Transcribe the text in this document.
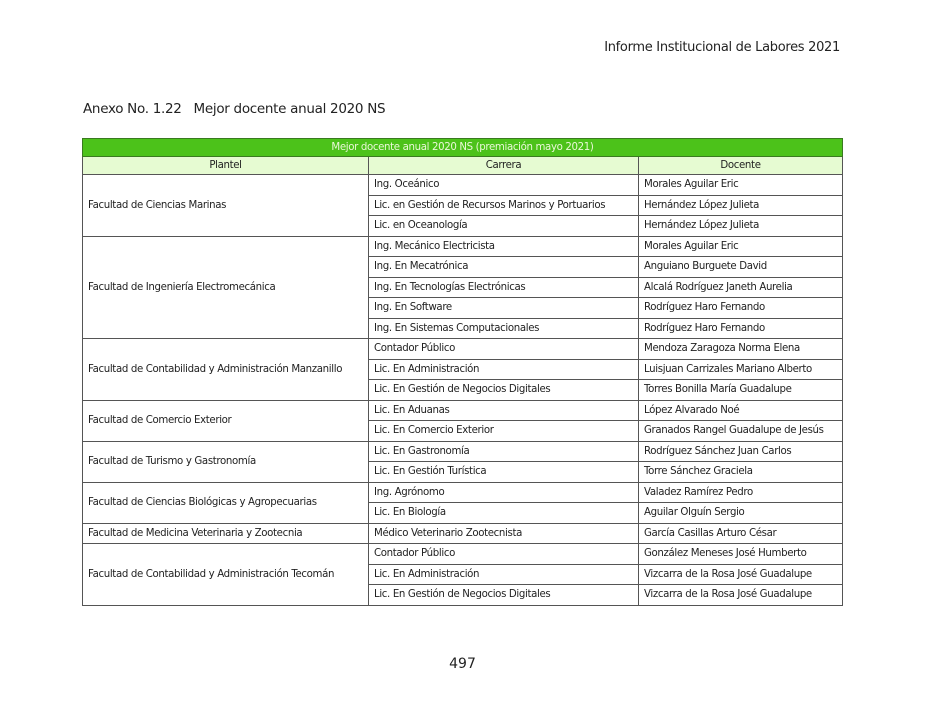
Informe Institucional de Labores 2021
Anexo No. 1.22 Mejor docente anual 2020 NS
Mejor docente anual 2020 NS (premiación mayo 2021)		
Plantel	Carrera	Docente
Facultad de Ciencias Marinas	Ing. Oceánico	Morales Aguilar Eric
	Lic. en Gestión de Recursos Marinos y Portuarios	Hernández López Julieta
	Lic. en Oceanología	Hernández López Julieta
Facultad de Ingeniería Electromecánica	Ing. Mecánico Electricista	Morales Aguilar Eric
	Ing. En Mecatrónica	Anguiano Burguete David
	Ing. En Tecnologías Electrónicas	Alcalá Rodríguez Janeth Aurelia
	Ing. En Software	Rodríguez Haro Fernando
	Ing. En Sistemas Computacionales	Rodríguez Haro Fernando
Facultad de Contabilidad y Administración Manzanillo	Contador Público	Mendoza Zaragoza Norma Elena
	Lic. En Administración	Luisjuan Carrizales Mariano Alberto
	Lic. En Gestión de Negocios Digitales	Torres Bonilla María Guadalupe
Facultad de Comercio Exterior	Lic. En Aduanas	López Alvarado Noé
	Lic. En Comercio Exterior	Granados Rangel Guadalupe de Jesús
Facultad de Turismo y Gastronomía	Lic. En Gastronomía	Rodríguez Sánchez Juan Carlos
	Lic. En Gestión Turística	Torre Sánchez Graciela
Facultad de Ciencias Biológicas y Agropecuarias	Ing. Agrónomo	Valadez Ramírez Pedro
	Lic. En Biología	Aguilar Olguín Sergio
Facultad de Medicina Veterinaria y Zootecnia	Médico Veterinario Zootecnista	García Casillas Arturo César
Facultad de Contabilidad y Administración Tecomán	Contador Público	González Meneses José Humberto
	Lic. En Administración	Vizcarra de la Rosa José Guadalupe
	Lic. En Gestión de Negocios Digitales	Vizcarra de la Rosa José Guadalupe
497
